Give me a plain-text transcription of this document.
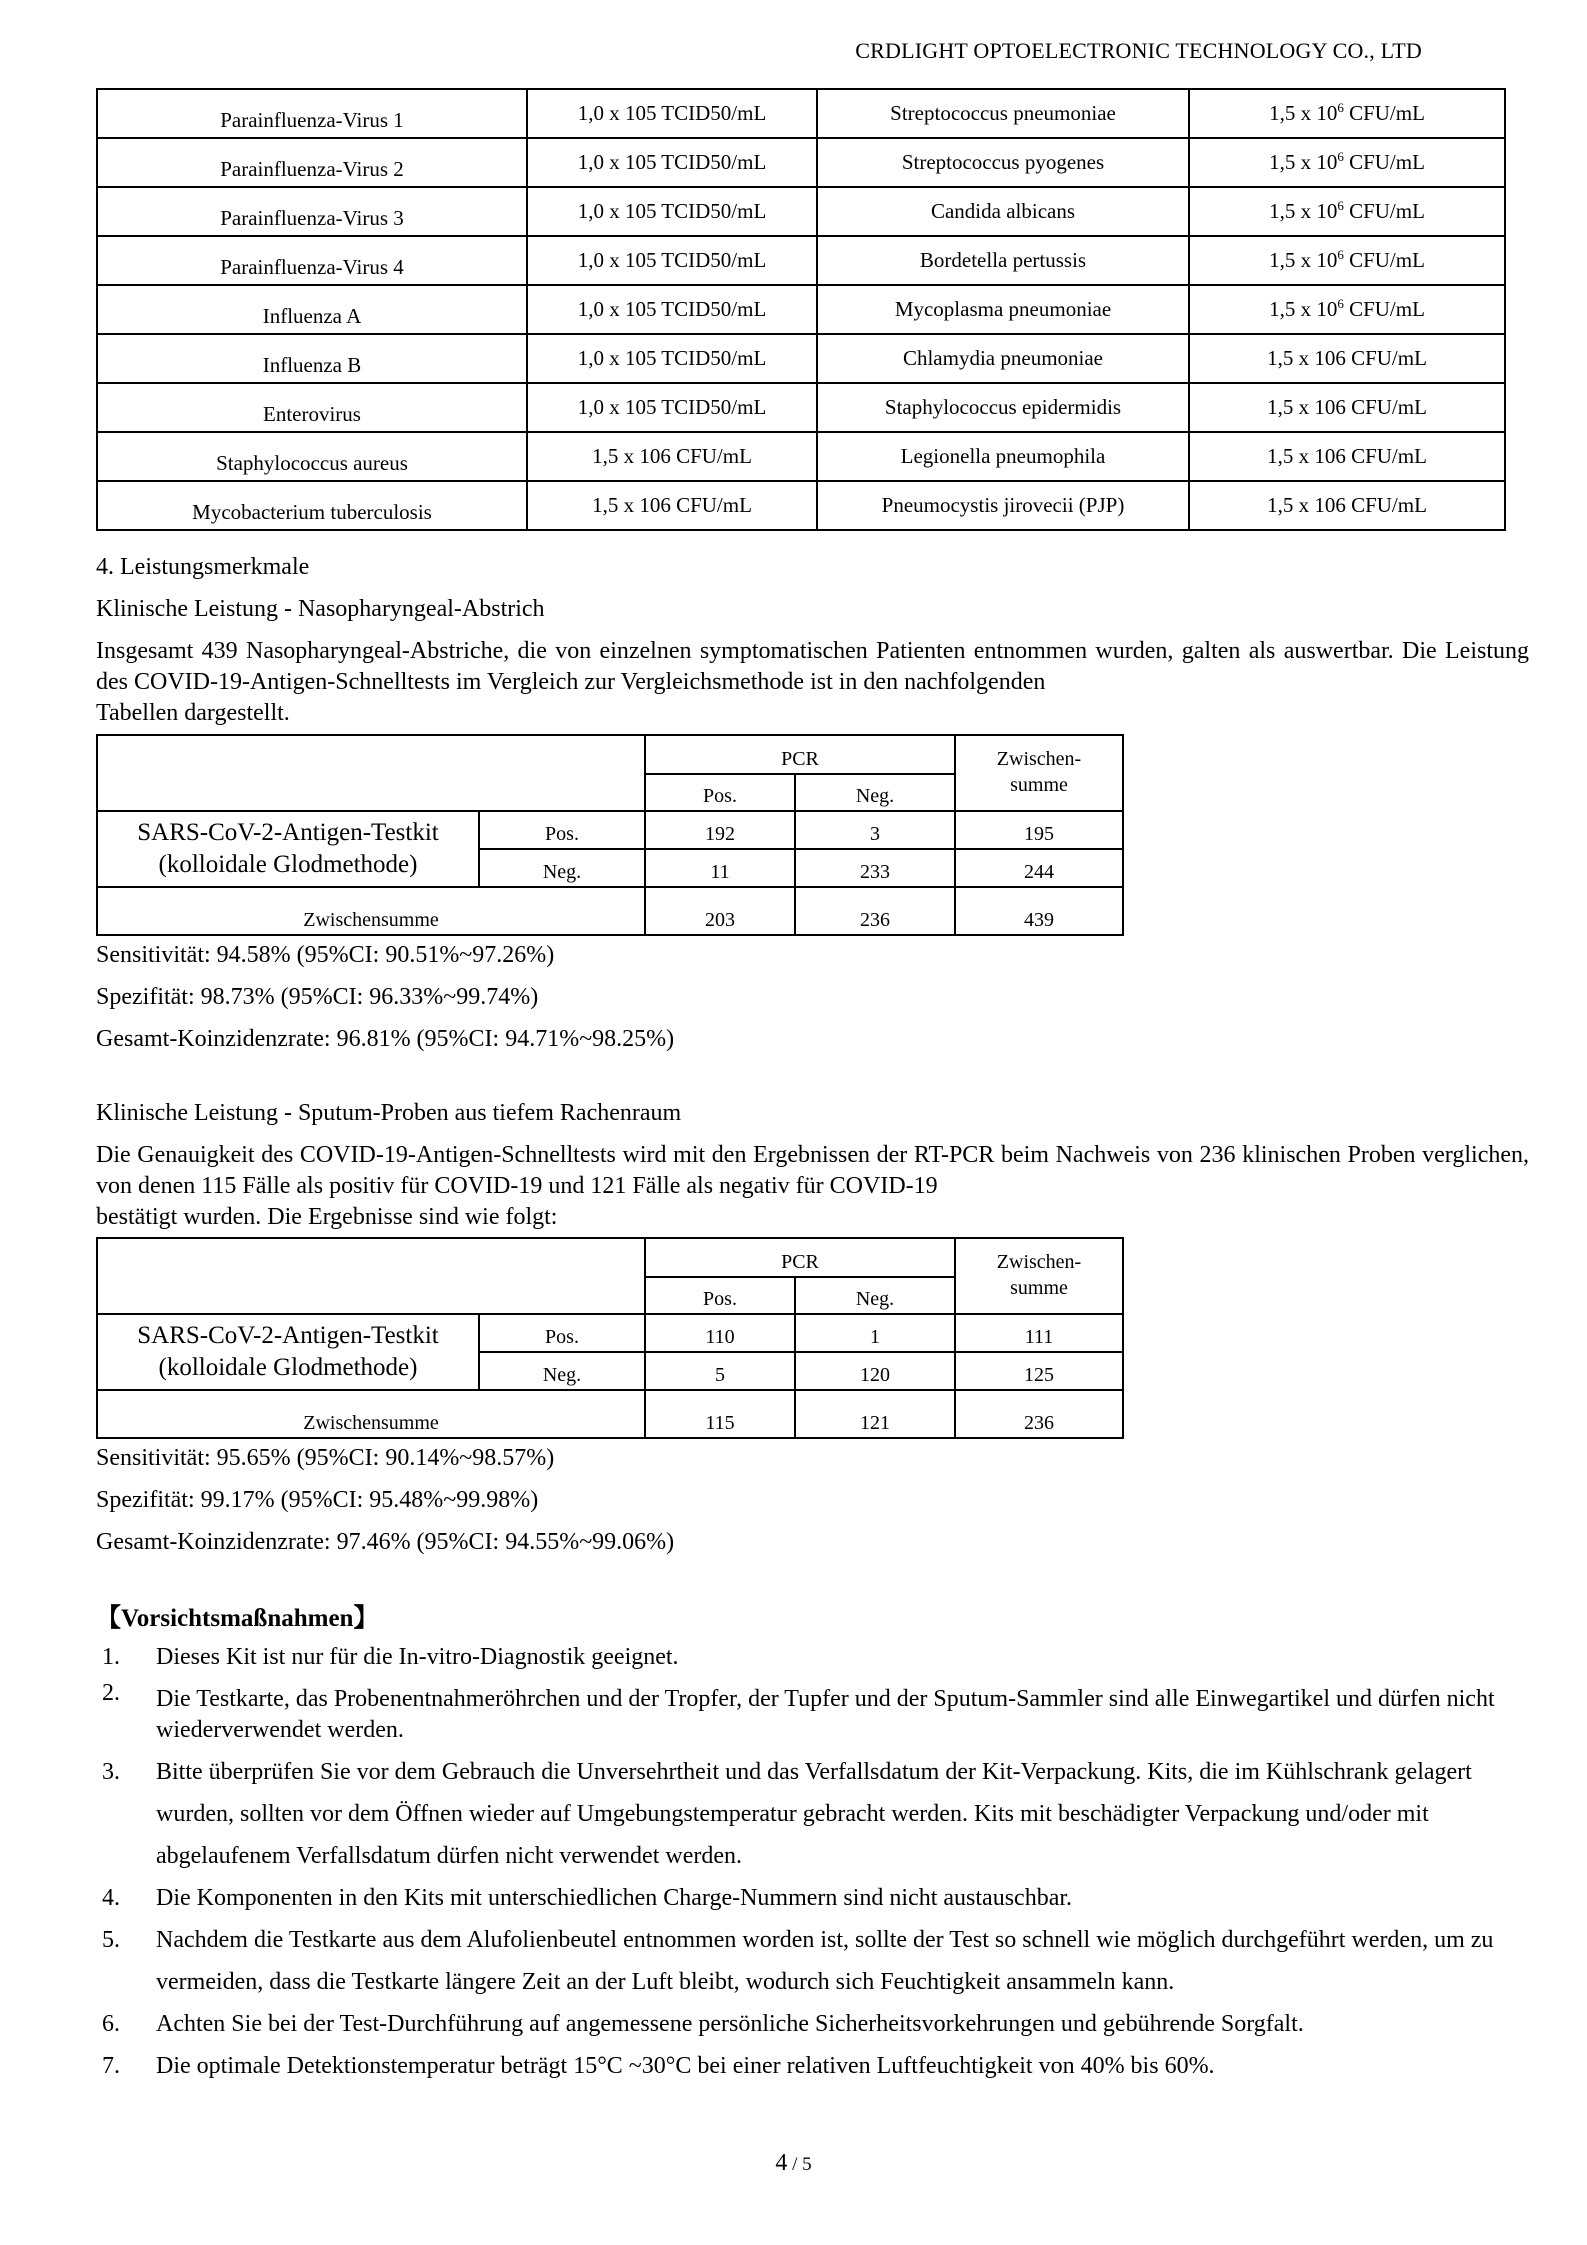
CRDLIGHT OPTOELECTRONIC TECHNOLOGY CO., LTD
Parainfluenza-Virus 1	1,0 x 105 TCID50/mL	Streptococcus pneumoniae	1,5 x $10^6$ CFU/mL
Parainfluenza-Virus 2	1,0 x 105 TCID50/mL	Streptococcus pyogenes	1,5 x $10^6$ CFU/mL
Parainfluenza-Virus 3	1,0 x 105 TCID50/mL	Candida albicans	1,5 x $10^6$ CFU/mL
Parainfluenza-Virus 4	1,0 x 105 TCID50/mL	Bordetella pertussis	1,5 x $10^6$ CFU/mL
Influenza A	1,0 x 105 TCID50/mL	Mycoplasma pneumoniae	1,5 x $10^6$ CFU/mL
Influenza B	1,0 x 105 TCID50/mL	Chlamydia pneumoniae	1,5 x 106 CFU/mL
Enterovirus	1,0 x 105 TCID50/mL	Staphylococcus epidermidis	1,5 x 106 CFU/mL
Staphylococcus aureus	1,5 x 106 CFU/mL	Legionella pneumophila	1,5 x 106 CFU/mL
Mycobacterium tuberculosis	1,5 x 106 CFU/mL	Pneumocystis jirovecii (PJP)	1,5 x 106 CFU/mL
4. Leistungsmerkmale
Klinische Leistung - Nasopharyngeal-Abstrich
Insgesamt 439 Nasopharyngeal-Abstriche, die von einzelnen symptomatischen Patienten entnommen wurden, galten als auswertbar. Die Leistung des COVID-19-Antigen-Schnelltests im Vergleich zur Vergleichsmethode ist in den nachfolgenden
Tabellen dargestellt.
		PCR		Zwischen-
summe
		Pos.	Neg.	
SARS-CoV-2-Antigen-Testkit
(kolloidale Glodmethode)	Pos.	192	3	195
	Neg.	11	233	244
Zwischensumme		203	236	439
Sensitivität: 94.58% (95%CI: 90.51%~97.26%)
Spezifität: 98.73% (95%CI: 96.33%~99.74%)
Gesamt-Koinzidenzrate: 96.81% (95%CI: 94.71%~98.25%)
Klinische Leistung - Sputum-Proben aus tiefem Rachenraum
Die Genauigkeit des COVID-19-Antigen-Schnelltests wird mit den Ergebnissen der RT-PCR beim Nachweis von 236 klinischen Proben verglichen, von denen 115 Fälle als positiv für COVID-19 und 121 Fälle als negativ für COVID-19
bestätigt wurden. Die Ergebnisse sind wie folgt:
		PCR		Zwischen-
summe
		Pos.	Neg.	
SARS-CoV-2-Antigen-Testkit
(kolloidale Glodmethode)	Pos.	110	1	111
	Neg.	5	120	125
Zwischensumme		115	121	236
Sensitivität: 95.65% (95%CI: 90.14%~98.57%)
Spezifität: 99.17% (95%CI: 95.48%~99.98%)
Gesamt-Koinzidenzrate: 97.46% (95%CI: 94.55%~99.06%)
【Vorsichtsmaßnahmen】
1. Dieses Kit ist nur für die In-vitro-Diagnostik geeignet.
2. Die Testkarte, das Probenentnahmeröhrchen und der Tropfer, der Tupfer und der Sputum-Sammler sind alle Einwegartikel und dürfen nicht wiederverwendet werden.
3. Bitte überprüfen Sie vor dem Gebrauch die Unversehrtheit und das Verfallsdatum der Kit-Verpackung. Kits, die im Kühlschrank gelagert wurden, sollten vor dem Öffnen wieder auf Umgebungstemperatur gebracht werden. Kits mit beschädigter Verpackung und/oder mit abgelaufenem Verfallsdatum dürfen nicht verwendet werden.
4. Die Komponenten in den Kits mit unterschiedlichen Charge-Nummern sind nicht austauschbar.
5. Nachdem die Testkarte aus dem Alufolienbeutel entnommen worden ist, sollte der Test so schnell wie möglich durchgeführt werden, um zu vermeiden, dass die Testkarte längere Zeit an der Luft bleibt, wodurch sich Feuchtigkeit ansammeln kann.
6. Achten Sie bei der Test-Durchführung auf angemessene persönliche Sicherheitsvorkehrungen und gebührende Sorgfalt.
7. Die optimale Detektionstemperatur beträgt 15°C ~30°C bei einer relativen Luftfeuchtigkeit von 40% bis 60%.
4 / 5
